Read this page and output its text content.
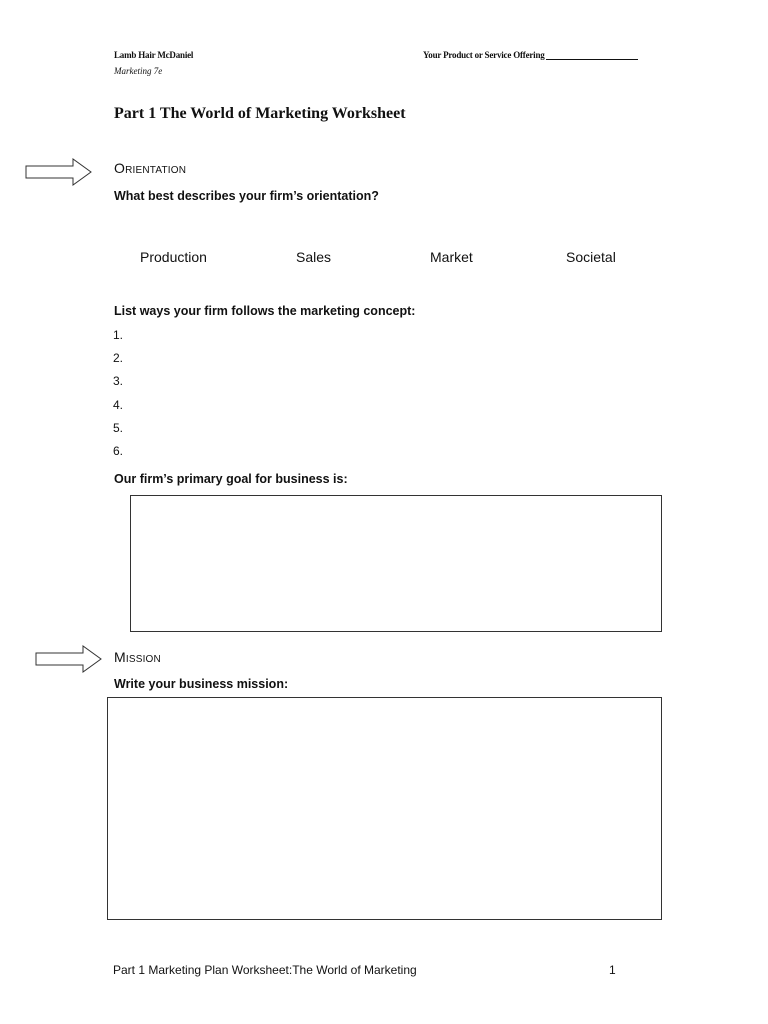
Lamb Hair McDaniel
Marketing 7e
Your Product or Service Offering
Part 1 The World of Marketing Worksheet
Orientation
What best describes your firm’s orientation?
Production	Sales	Market	Societal
List ways your firm follows the marketing concept:
1.
2.
3.
4.
5.
6.
Our firm’s primary goal for business is:
Mission
Write your business mission:
Part 1 Marketing Plan Worksheet:The World of Marketing	1
